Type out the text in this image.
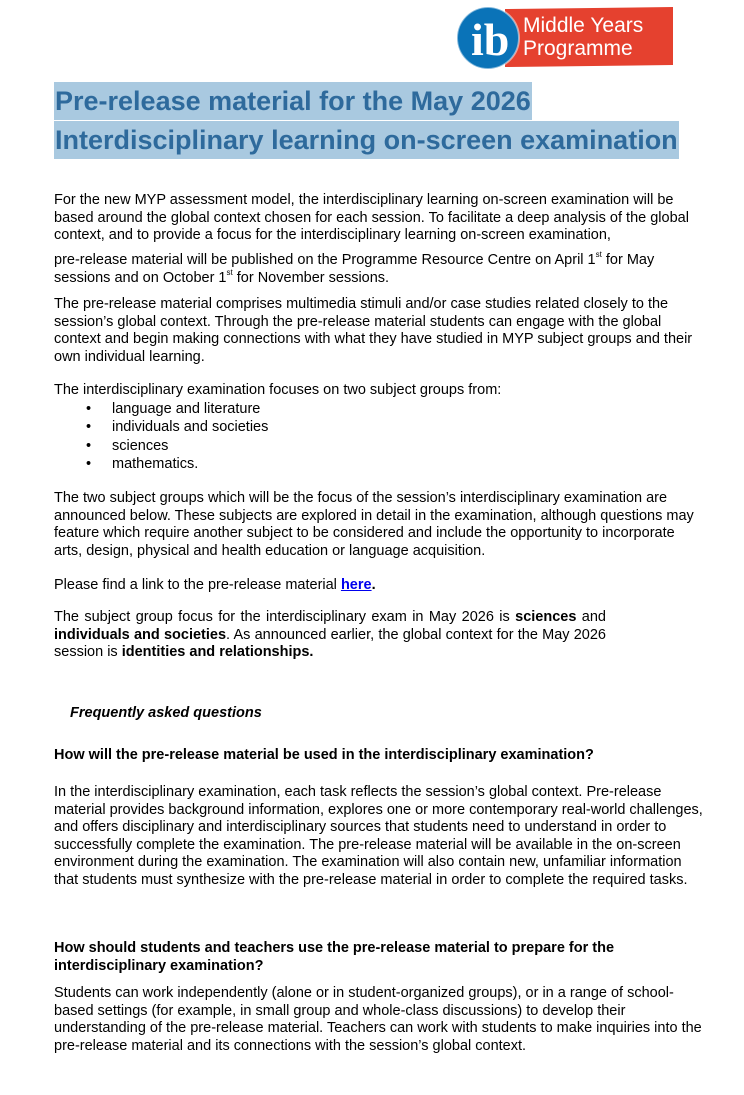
ib Middle Years
Programme
Pre-release material for the May 2026
Interdisciplinary learning on-screen examination
For the new MYP assessment model, the interdisciplinary learning on-screen examination will be based around the global context chosen for each session. To facilitate a deep analysis of the global context, and to provide a focus for the interdisciplinary learning on-screen examination,
pre-release material will be published on the Programme Resource Centre on April 1st for May sessions and on October 1st for November sessions.
The pre-release material comprises multimedia stimuli and/or case studies related closely to the session’s global context. Through the pre-release material students can engage with the global context and begin making connections with what they have studied in MYP subject groups and their own individual learning.
The interdisciplinary examination focuses on two subject groups from:
• language and literature
• individuals and societies
• sciences
• mathematics.
The two subject groups which will be the focus of the session’s interdisciplinary examination are announced below. These subjects are explored in detail in the examination, although questions may feature which require another subject to be considered and include the opportunity to incorporate arts, design, physical and health education or language acquisition.
Please find a link to the pre-release material here.
The subject group focus for the interdisciplinary exam in May 2026 is sciences and individuals and societies. As announced earlier, the global context for the May 2026 session is identities and relationships.
Frequently asked questions
How will the pre-release material be used in the interdisciplinary examination?
In the interdisciplinary examination, each task reflects the session’s global context. Pre-release material provides background information, explores one or more contemporary real-world challenges, and offers disciplinary and interdisciplinary sources that students need to understand in order to successfully complete the examination. The pre-release material will be available in the on-screen environment during the examination. The examination will also contain new, unfamiliar information that students must synthesize with the pre-release material in order to complete the required tasks.
How should students and teachers use the pre-release material to prepare for the interdisciplinary examination?
Students can work independently (alone or in student-organized groups), or in a range of school-based settings (for example, in small group and whole-class discussions) to develop their understanding of the pre-release material. Teachers can work with students to make inquiries into the pre-release material and its connections with the session’s global context.
